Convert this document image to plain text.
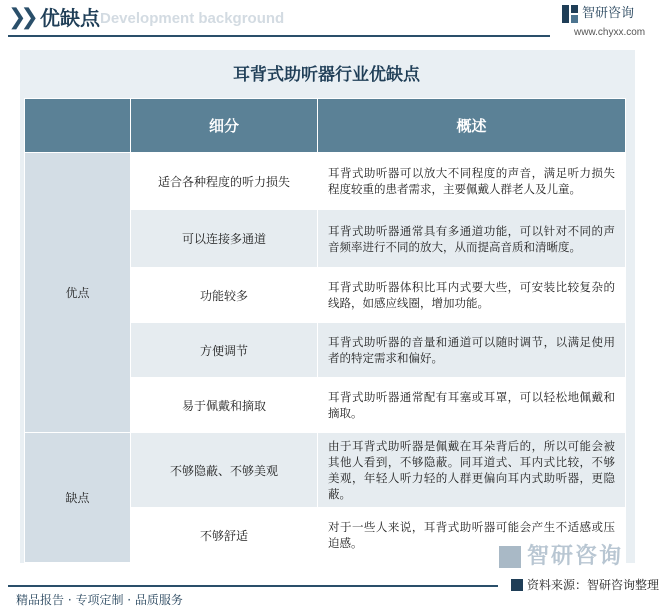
❯❯	Development background
优缺点	智研咨询
www.chyxx.com
耳背式助听器行业优缺点
	细分	概述
优点	适合各种程度的听力损失	耳背式助听器可以放大不同程度的声音，满足听力损失程度较重的患者需求，主要佩戴人群老人及儿童。
	可以连接多通道	耳背式助听器通常具有多通道功能，可以针对不同的声音频率进行不同的放大，从而提高音质和清晰度。
	功能较多	耳背式助听器体积比耳内式要大些，可安装比较复杂的线路，如感应线圈，增加功能。
	方便调节	耳背式助听器的音量和通道可以随时调节，以满足使用者的特定需求和偏好。
	易于佩戴和摘取	耳背式助听器通常配有耳塞或耳罩，可以轻松地佩戴和摘取。
缺点	不够隐蔽、不够美观	由于耳背式助听器是佩戴在耳朵背后的，所以可能会被其他人看到，不够隐蔽。同耳道式、耳内式比较，不够美观，年轻人听力轻的人群更偏向耳内式助听器，更隐蔽。
	不够舒适	对于一些人来说，耳背式助听器可能会产生不适感或压迫感。
智研咨询
资料来源：智研咨询整理
精品报告 · 专项定制 · 品质服务
